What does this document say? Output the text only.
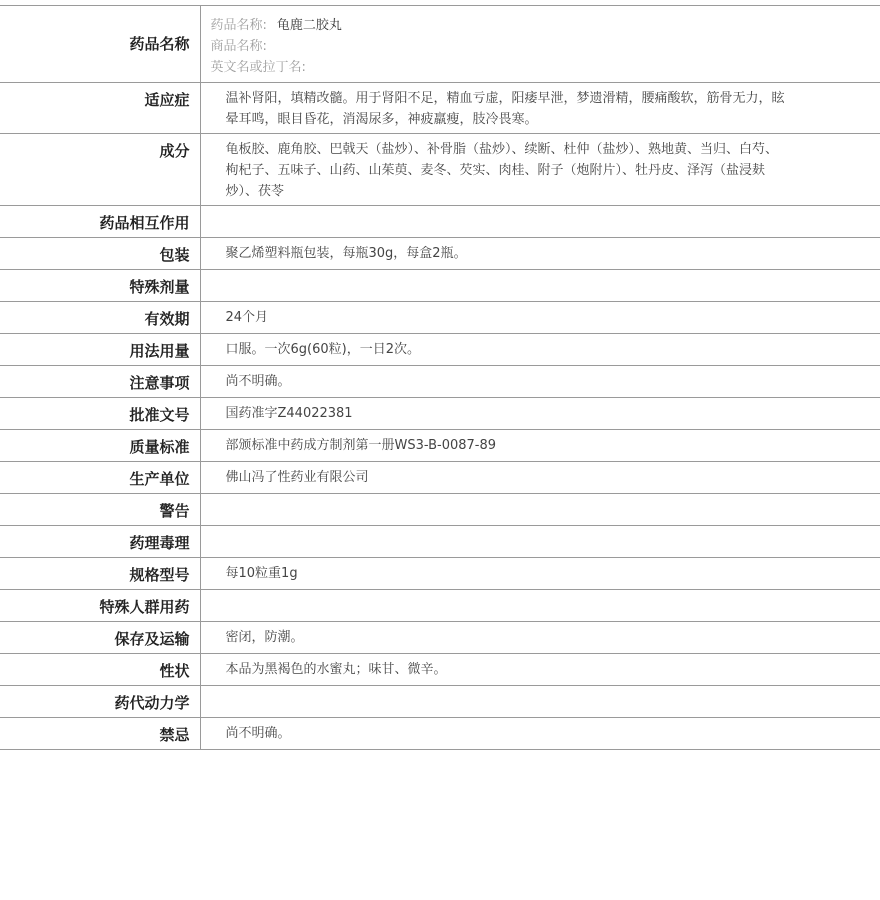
药品名称	药品名称: 龟鹿二胶丸
商品名称:
英文名或拉丁名:

适应症	温补肾阳，填精改髓。用于肾阳不足，精血亏虚，阳痿早泄，梦遗滑精，腰痛酸软，筋骨无力，眩晕耳鸣，眼目昏花，消渴尿多，神疲羸瘦，肢冷畏寒。
成分	龟板胶、鹿角胶、巴戟天（盐炒）、补骨脂（盐炒）、续断、杜仲（盐炒）、熟地黄、当归、白芍、枸杞子、五味子、山药、山茱萸、麦冬、芡实、肉桂、附子（炮附片）、牡丹皮、泽泻（盐浸麸炒）、茯苓
药品相互作用	
包装	聚乙烯塑料瓶包装，每瓶30g，每盒2瓶。
特殊剂量	
有效期	24个月
用法用量	口服。一次6g(60粒)，一日2次。
注意事项	尚不明确。
批准文号	国药准字Z44022381
质量标准	部颁标准中药成方制剂第一册WS3-B-0087-89
生产单位	佛山冯了性药业有限公司
警告	
药理毒理	
规格型号	每10粒重1g
特殊人群用药	
保存及运输	密闭，防潮。
性状	本品为黑褐色的水蜜丸；味甘、微辛。
药代动力学	
禁忌	尚不明确。
